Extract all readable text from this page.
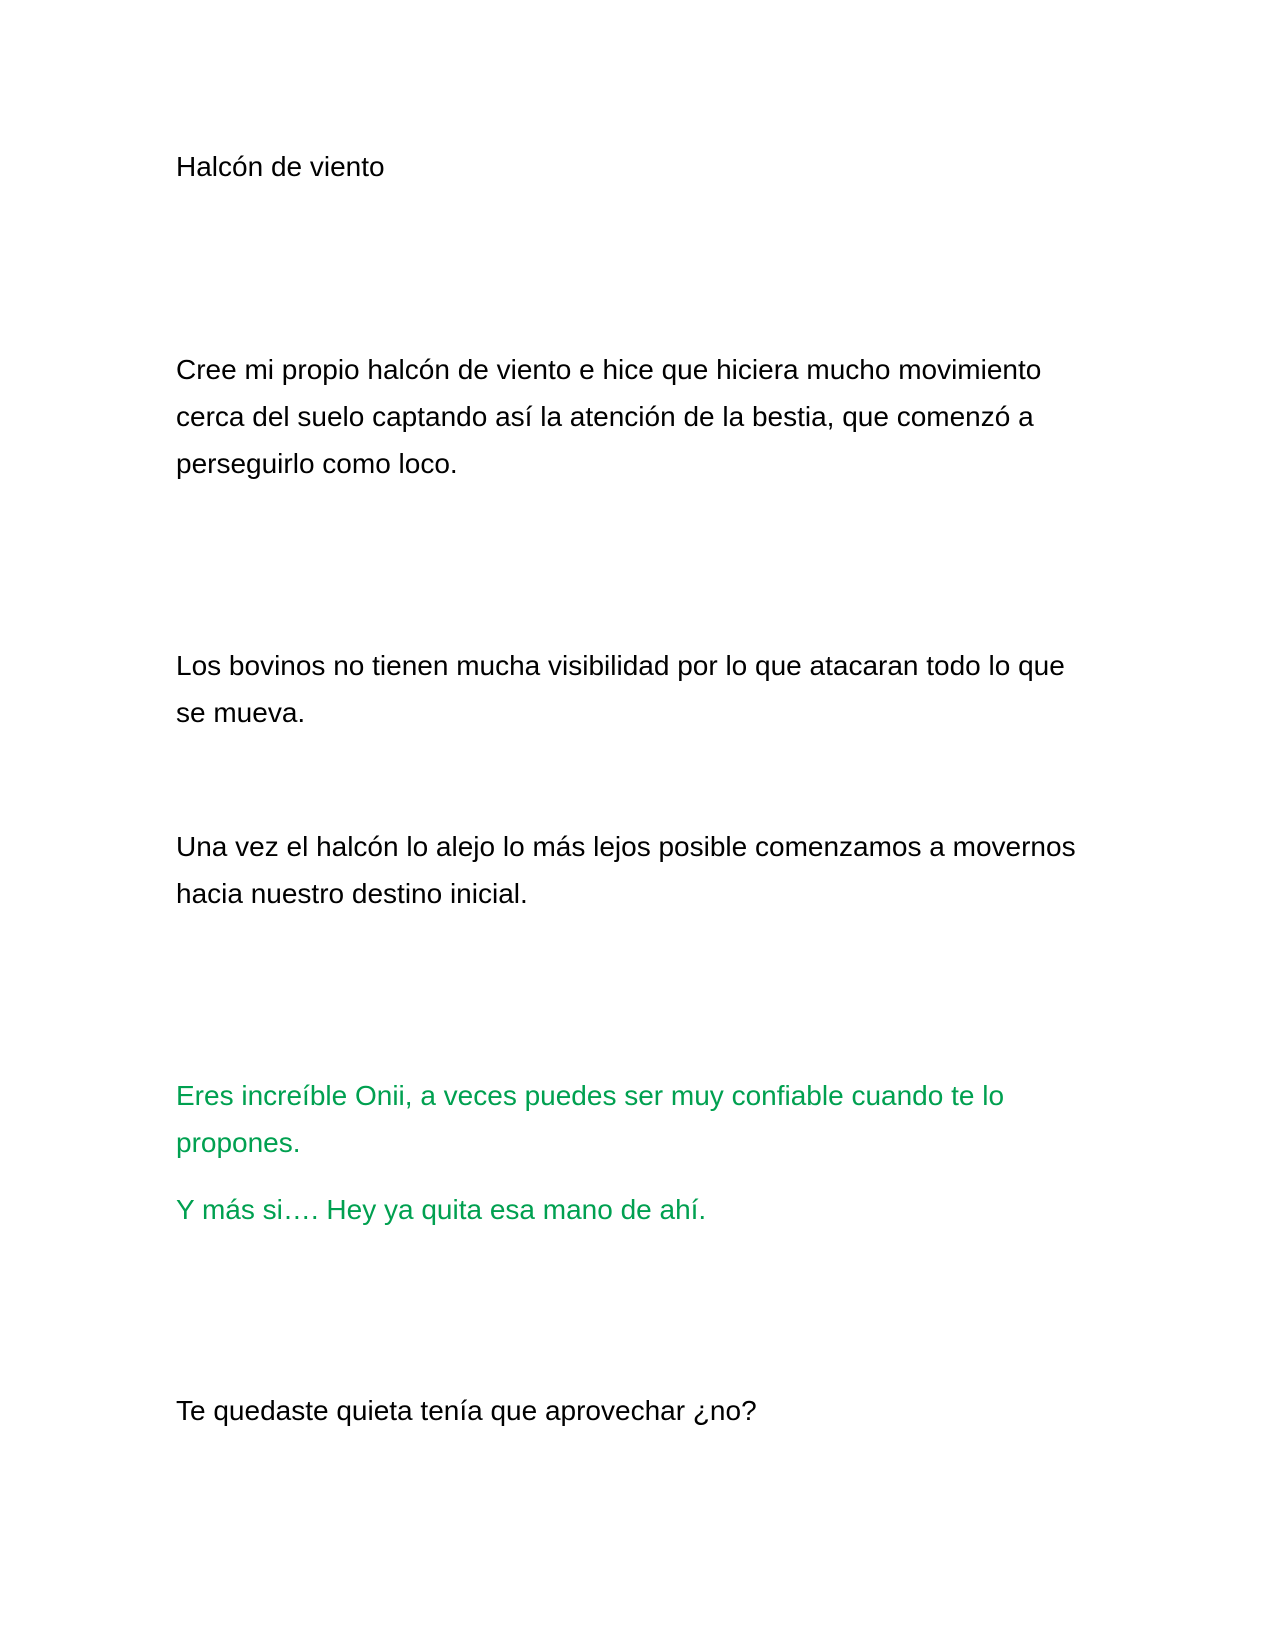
Halcón de viento

Cree mi propio halcón de viento e hice que hiciera mucho movimiento cerca del suelo captando así la atención de la bestia, que comenzó a perseguirlo como loco.

Los bovinos no tienen mucha visibilidad por lo que atacaran todo lo que se mueva.

Una vez el halcón lo alejo lo más lejos posible comenzamos a movernos hacia nuestro destino inicial.

Eres increíble Onii, a veces puedes ser muy confiable cuando te lo propones.

Y más si…. Hey ya quita esa mano de ahí.

Te quedaste quieta tenía que aprovechar ¿no?
